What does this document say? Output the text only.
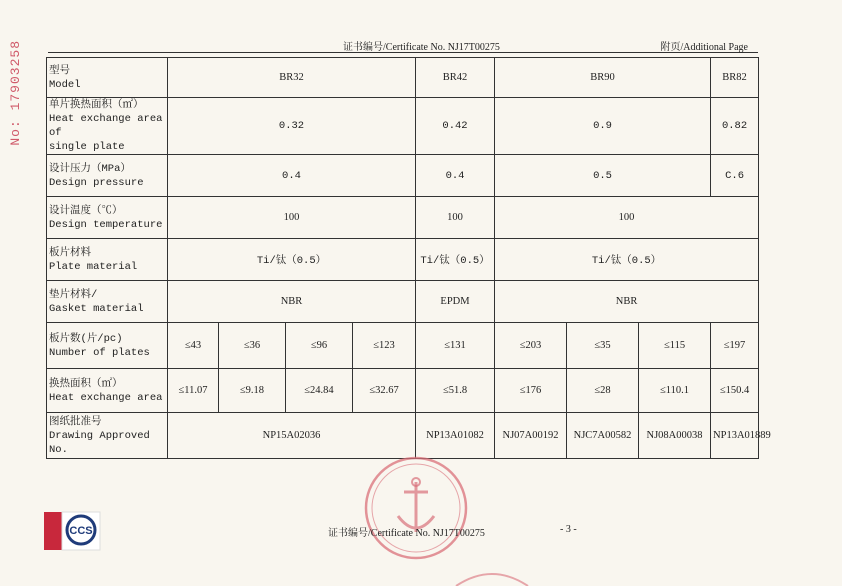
No: 17903258	证书编号/Certificate No. NJ17T00275	附页/Additional Page
型号
Model	BR32				BR42	BR90			BR82
单片换热面积（㎡）
Heat exchange area of
single plate	0.32				0.42	0.9			0.82
设计压力（MPa）
Design pressure	0.4				0.4	0.5			C.6
设计温度（℃）
Design temperature	100				100	100			
板片材料
Plate material	Ti/钛（0.5）				Ti/钛（0.5）	Ti/钛（0.5）			
垫片材料/
Gasket material	NBR				EPDM	NBR			
板片数(片/pc)
Number of plates	≤43	≤36	≤96	≤123	≤131	≤203	≤35	≤115	≤197
换热面积（㎡）
Heat exchange area	≤11.07	≤9.18	≤24.84	≤32.67	≤51.8	≤176	≤28	≤110.1	≤150.4
图纸批准号
Drawing Approved No.	NP15A02036				NP13A01082	NJ07A00192	NJC7A00582	NJ08A00038	NP13A01889
CCS	证书编号/Certificate No. NJ17T00275	- 3 -
